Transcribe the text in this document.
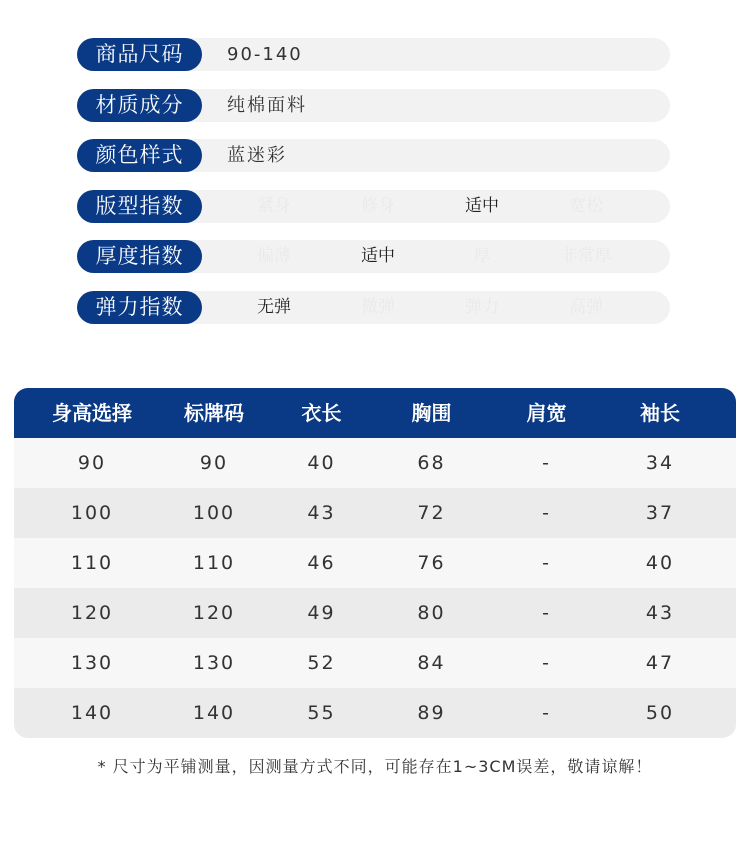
商品尺码	90-140
材质成分	纯棉面料
颜色样式	蓝迷彩
版型指数	紧身	修身	适中	宽松
厚度指数	偏薄	适中	厚	非常厚
弹力指数	无弹	微弹	弹力	高弹
身高选择	标牌码	衣长	胸围	肩宽	袖长
90	90	40	68	-	34
100	100	43	72	-	37
110	110	46	76	-	40
120	120	49	80	-	43
130	130	52	84	-	47
140	140	55	89	-	50
* 尺寸为平铺测量，因测量方式不同，可能存在1~3CM误差，敬请谅解！
